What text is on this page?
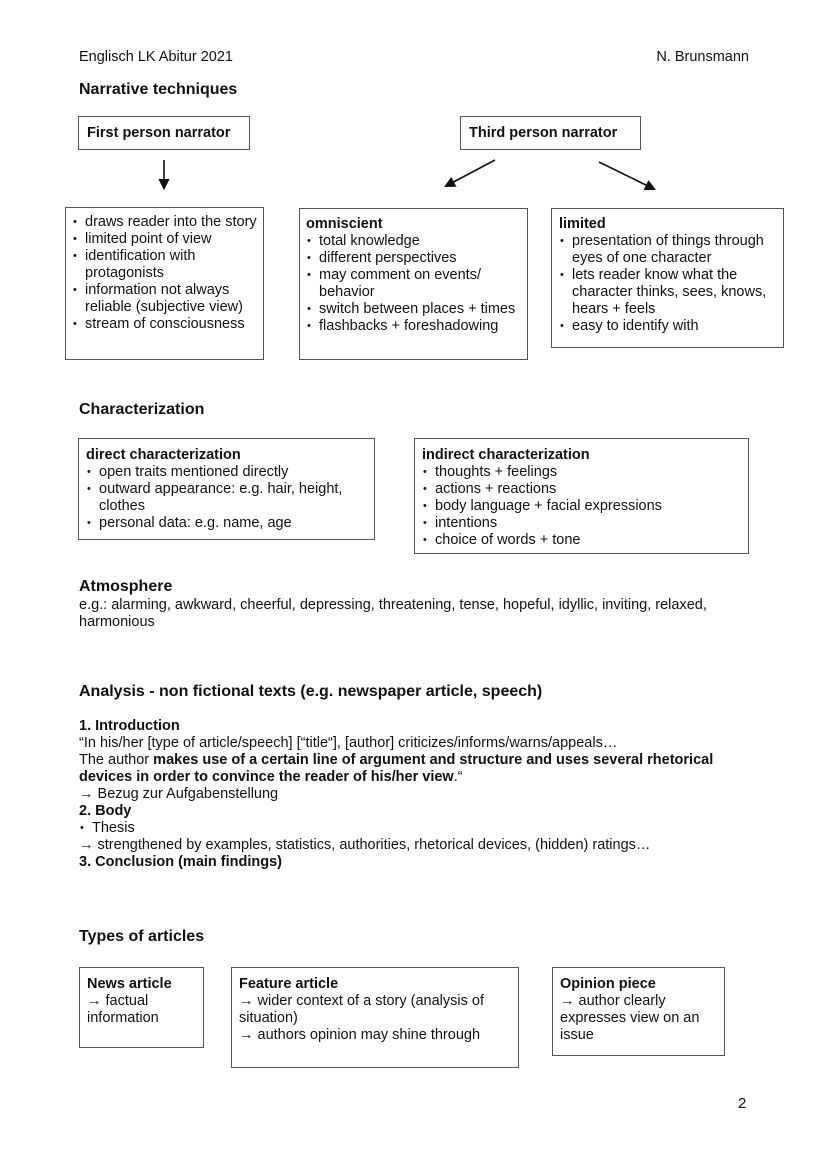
Englisch LK Abitur 2021	N. Brunsmann
Narrative techniques
First person narrator	Third person narrator
• draws reader into the story
• limited point of view
• identification with protagonists
• information not always reliable (subjective view)
• stream of consciousness
omniscient
• total knowledge
• different perspectives
• may comment on events/ behavior
• switch between places + times
• flashbacks + foreshadowing
limited
• presentation of things through eyes of one character
• lets reader know what the character thinks, sees, knows, hears + feels
• easy to identify with
Characterization
direct characterization
• open traits mentioned directly
• outward appearance: e.g. hair, height, clothes
• personal data: e.g. name, age
indirect characterization
• thoughts + feelings
• actions + reactions
• body language + facial expressions
• intentions
• choice of words + tone
Atmosphere
e.g.: alarming, awkward, cheerful, depressing, threatening, tense, hopeful, idyllic, inviting, relaxed, harmonious
Analysis - non fictional texts (e.g. newspaper article, speech)
1. Introduction
“In his/her [type of article/speech] [“title“], [author] criticizes/informs/warns/appeals…
The author makes use of a certain line of argument and structure and uses several rhetorical
devices in order to convince the reader of his/her view.“
→ Bezug zur Aufgabenstellung
2. Body
• Thesis
→ strengthened by examples, statistics, authorities, rhetorical devices, (hidden) ratings…
3. Conclusion (main findings)
Types of articles
News article
→ factual
information
Feature article
→ wider context of a story (analysis of
situation)
→ authors opinion may shine through
Opinion piece
→ author clearly
expresses view on an
issue
2
